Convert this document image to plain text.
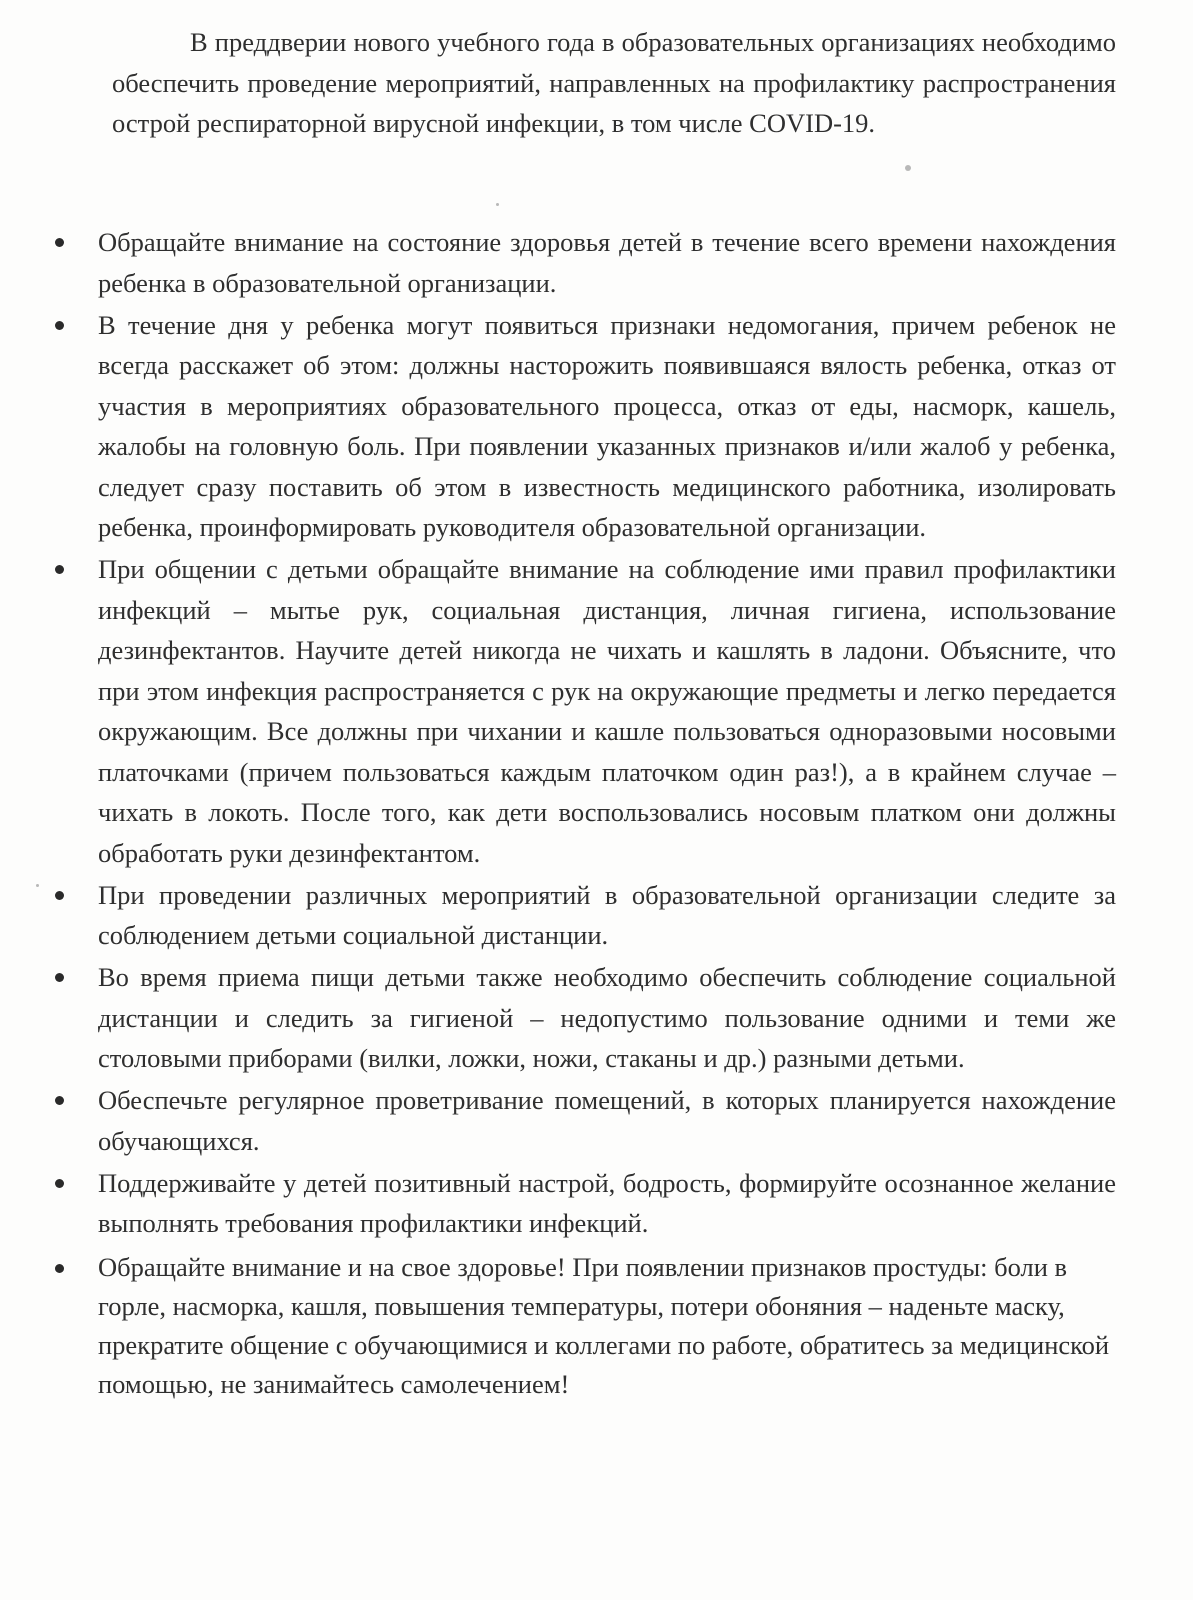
В преддверии нового учебного года в образовательных организациях необходимо обеспечить проведение мероприятий, направленных на профилактику распространения острой респираторной вирусной инфекции, в том числе COVID-19.

Обращайте внимание на состояние здоровья детей в течение всего времени нахождения ребенка в образовательной организации.
В течение дня у ребенка могут появиться признаки недомогания, причем ребенок не всегда расскажет об этом: должны насторожить появившаяся вялость ребенка, отказ от участия в мероприятиях образовательного процесса, отказ от еды, насморк, кашель, жалобы на головную боль. При появлении указанных признаков и/или жалоб у ребенка, следует сразу поставить об этом в известность медицинского работника, изолировать ребенка, проинформировать руководителя образовательной организации.
При общении с детьми обращайте внимание на соблюдение ими правил профилактики инфекций – мытье рук, социальная дистанция, личная гигиена, использование дезинфектантов. Научите детей никогда не чихать и кашлять в ладони. Объясните, что при этом инфекция распространяется с рук на окружающие предметы и легко передается окружающим. Все должны при чихании и кашле пользоваться одноразовыми носовыми платочками (причем пользоваться каждым платочком один раз!), а в крайнем случае – чихать в локоть. После того, как дети воспользовались носовым платком они должны обработать руки дезинфектантом.
При проведении различных мероприятий в образовательной организации следите за соблюдением детьми социальной дистанции.
Во время приема пищи детьми также необходимо обеспечить соблюдение социальной дистанции и следить за гигиеной – недопустимо пользование одними и теми же столовыми приборами (вилки, ложки, ножи, стаканы и др.) разными детьми.
Обеспечьте регулярное проветривание помещений, в которых планируется нахождение обучающихся.
Поддерживайте у детей позитивный настрой, бодрость, формируйте осознанное желание выполнять требования профилактики инфекций.
Обращайте внимание и на свое здоровье! При появлении признаков простуды: боли в горле, насморка, кашля, повышения температуры, потери обоняния – наденьте маску, прекратите общение с обучающимися и коллегами по работе, обратитесь за медицинской помощью, не занимайтесь самолечением!
